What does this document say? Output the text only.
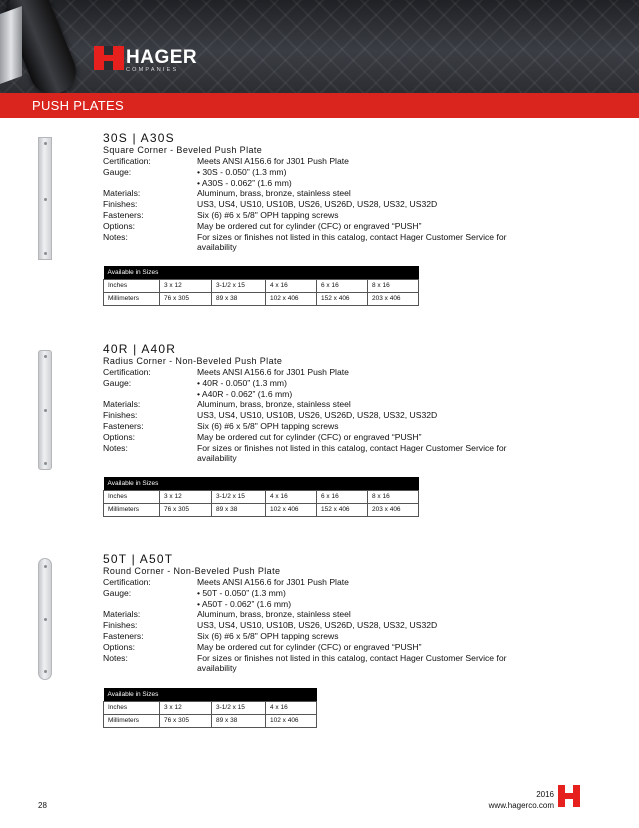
HAGER
COMPANIES
PUSH PLATES
30S | A30S
Square Corner - Beveled Push Plate
Certification:	Meets ANSI A156.6 for J301 Push Plate
Gauge:	• 30S - 0.050” (1.3 mm)
• A30S - 0.062” (1.6 mm)
Materials:	Aluminum, brass, bronze, stainless steel
Finishes:	US3, US4, US10, US10B, US26, US26D, US28, US32, US32D
Fasteners:	Six (6) #6 x 5/8" OPH tapping screws
Options:	May be ordered cut for cylinder (CFC) or engraved “PUSH”
Notes:	For sizes or finishes not listed in this catalog, contact Hager Customer Service for availability
Available in Sizes					
Inches	3 x 12	3-1/2 x 15	4 x 16	6 x 16	8 x 16
Millimeters	76 x 305	89 x 38	102 x 406	152 x 406	203 x 406
40R | A40R
Radius Corner - Non-Beveled Push Plate
Certification:	Meets ANSI A156.6 for J301 Push Plate
Gauge:	• 40R - 0.050” (1.3 mm)
• A40R - 0.062” (1.6 mm)
Materials:	Aluminum, brass, bronze, stainless steel
Finishes:	US3, US4, US10, US10B, US26, US26D, US28, US32, US32D
Fasteners:	Six (6) #6 x 5/8" OPH tapping screws
Options:	May be ordered cut for cylinder (CFC) or engraved “PUSH”
Notes:	For sizes or finishes not listed in this catalog, contact Hager Customer Service for availability
Available in Sizes					
Inches	3 x 12	3-1/2 x 15	4 x 16	6 x 16	8 x 16
Millimeters	76 x 305	89 x 38	102 x 406	152 x 406	203 x 406
50T | A50T
Round Corner - Non-Beveled Push Plate
Certification:	Meets ANSI A156.6 for J301 Push Plate
Gauge:	• 50T - 0.050” (1.3 mm)
• A50T - 0.062” (1.6 mm)
Materials:	Aluminum, brass, bronze, stainless steel
Finishes:	US3, US4, US10, US10B, US26, US26D, US28, US32, US32D
Fasteners:	Six (6) #6 x 5/8" OPH tapping screws
Options:	May be ordered cut for cylinder (CFC) or engraved “PUSH”
Notes:	For sizes or finishes not listed in this catalog, contact Hager Customer Service for availability
Available in Sizes			
Inches	3 x 12	3-1/2 x 15	4 x 16
Millimeters	76 x 305	89 x 38	102 x 406
28
2016
www.hagerco.com
